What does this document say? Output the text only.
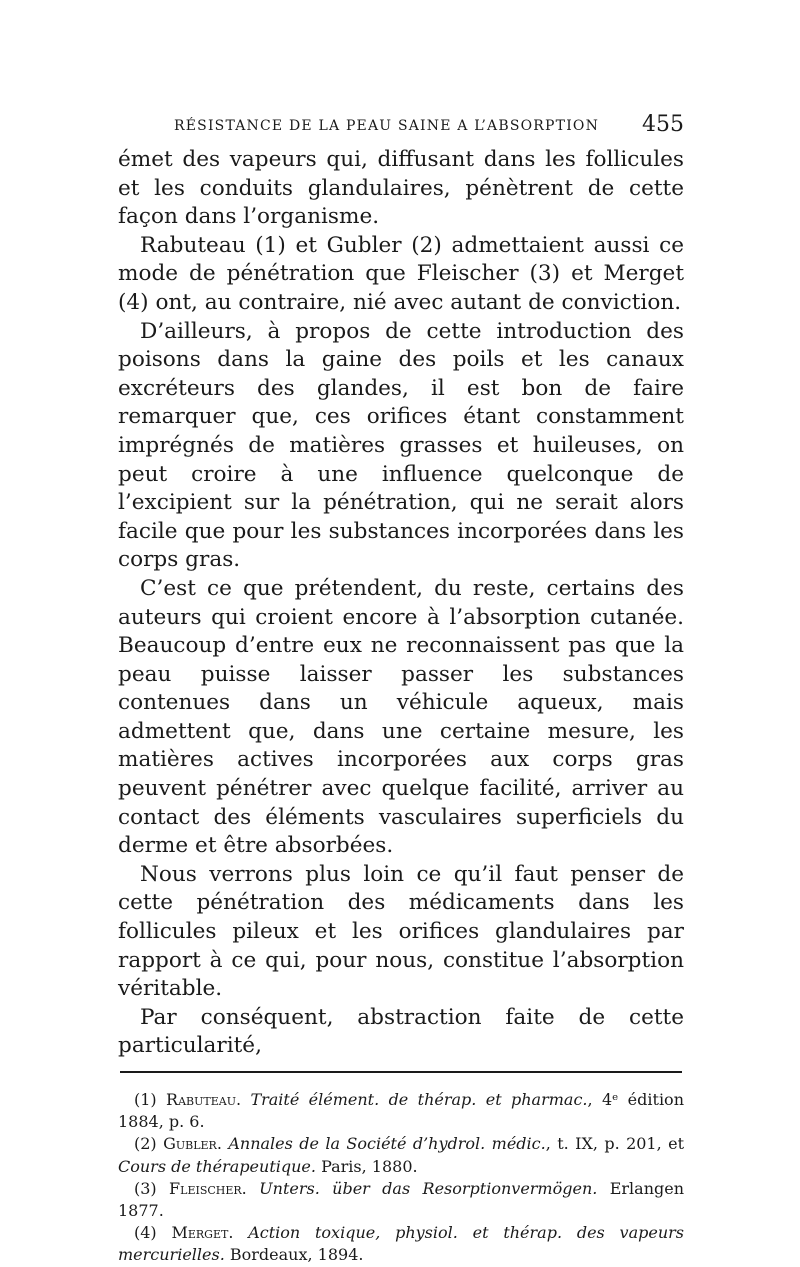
RÉSISTANCE DE LA PEAU SAINE A L’ABSORPTION 455

émet des vapeurs qui, diffusant dans les follicules et les conduits glandulaires, pénètrent de cette façon dans l’organisme.

Rabuteau (1) et Gubler (2) admettaient aussi ce mode de pénétration que Fleischer (3) et Merget (4) ont, au contraire, nié avec autant de conviction.

D’ailleurs, à propos de cette introduction des poisons dans la gaine des poils et les canaux excréteurs des glandes, il est bon de faire remarquer que, ces orifices étant constamment imprégnés de matières grasses et huileuses, on peut croire à une influence quelconque de l’excipient sur la pénétration, qui ne serait alors facile que pour les substances incorporées dans les corps gras.

C’est ce que prétendent, du reste, certains des auteurs qui croient encore à l’absorption cutanée. Beaucoup d’entre eux ne reconnaissent pas que la peau puisse laisser passer les substances contenues dans un véhicule aqueux, mais admettent que, dans une certaine mesure, les matières actives incorporées aux corps gras peuvent pénétrer avec quelque facilité, arriver au contact des éléments vasculaires superficiels du derme et être absorbées.

Nous verrons plus loin ce qu’il faut penser de cette pénétration des médicaments dans les follicules pileux et les orifices glandulaires par rapport à ce qui, pour nous, constitue l’absorption véritable.

Par conséquent, abstraction faite de cette particularité,

(1) Rabuteau. Traité élément. de thérap. et pharmac., 4ᵉ édition 1884, p. 6.

(2) Gubler. Annales de la Société d’hydrol. médic., t. IX, p. 201, et Cours de thérapeutique. Paris, 1880.

(3) Fleischer. Unters. über das Resorptionvermögen. Erlangen 1877.

(4) Merget. Action toxique, physiol. et thérap. des vapeurs mercurielles. Bordeaux, 1894.
